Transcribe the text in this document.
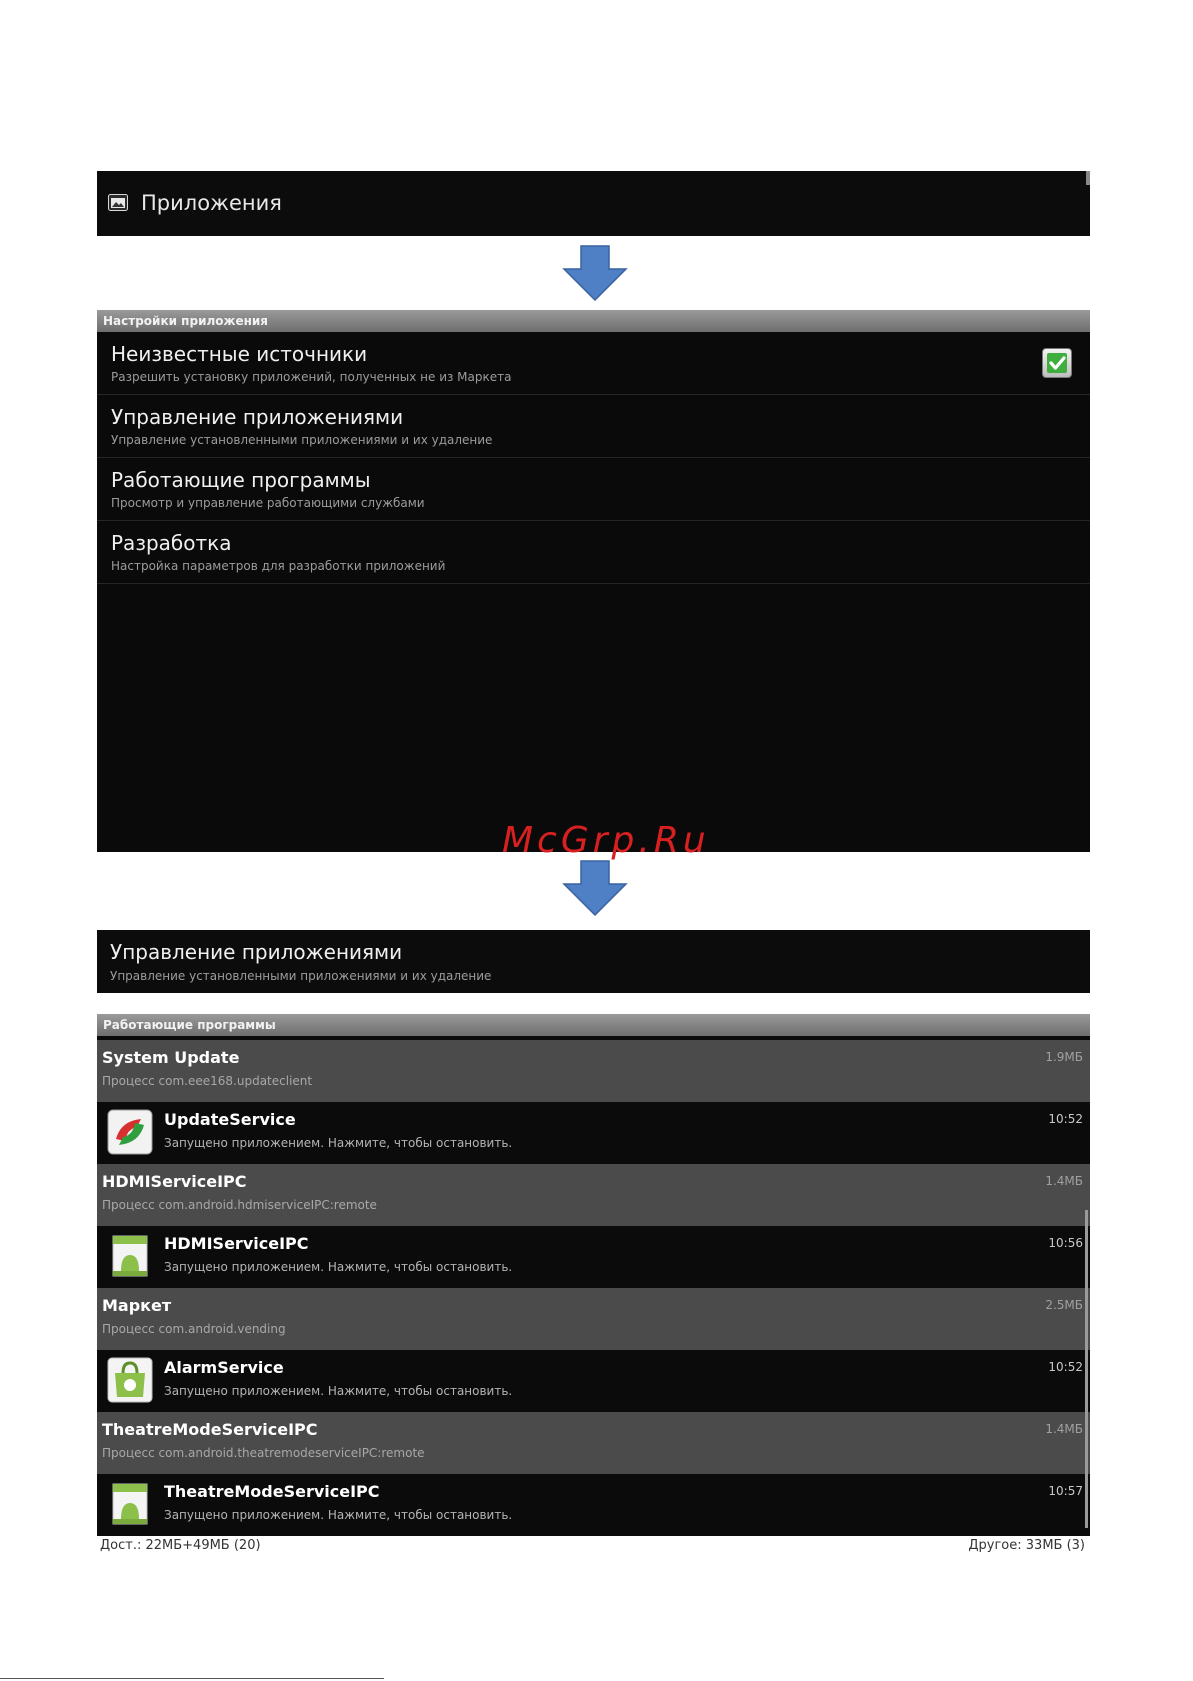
Приложения
Настройки приложения
Неизвестные источники
Разрешить установку приложений, полученных не из Маркета
Управление приложениями
Управление установленными приложениями и их удаление
Работающие программы
Просмотр и управление работающими службами
Разработка
Настройка параметров для разработки приложений
McGrp.Ru
Управление приложениями
Управление установленными приложениями и их удаление
Работающие программы
System Update
Процесс com.eee168.updateclient
1.9МБ
UpdateService
Запущено приложением. Нажмите, чтобы остановить.
10:52
HDMIServiceIPC
Процесс com.android.hdmiserviceIPC:remote
1.4МБ
HDMIServiceIPC
Запущено приложением. Нажмите, чтобы остановить.
10:56
Маркет
Процесс com.android.vending
2.5МБ
AlarmService
Запущено приложением. Нажмите, чтобы остановить.
10:52
TheatreModeServiceIPC
Процесс com.android.theatremodeserviceIPC:remote
1.4МБ
TheatreModeServiceIPC
Запущено приложением. Нажмите, чтобы остановить.
10:57
Дост.: 22МБ+49МБ (20)	Другое: 33МБ (3)
